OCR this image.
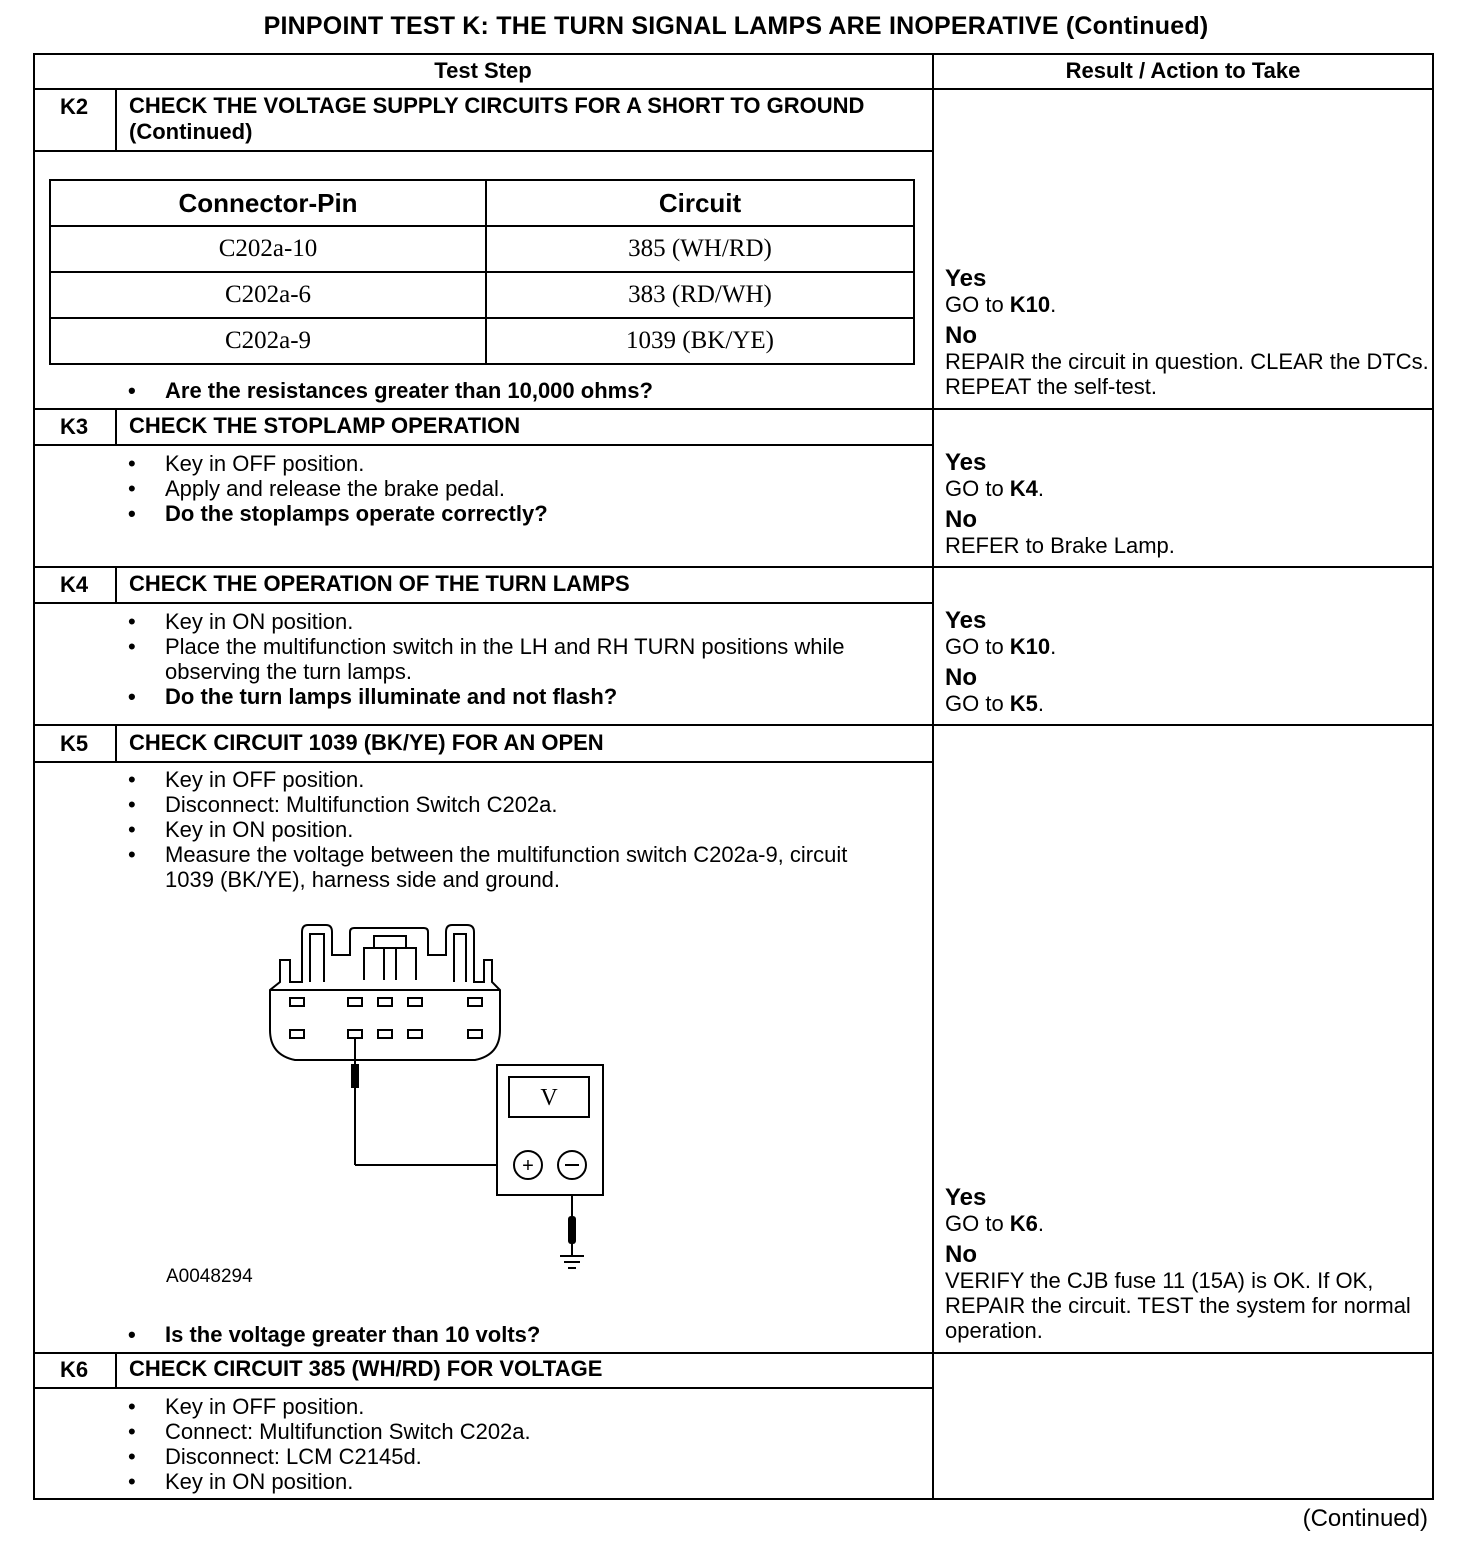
PINPOINT TEST K: THE TURN SIGNAL LAMPS ARE INOPERATIVE (Continued)
Test Step	Result / Action to Take
K2	CHECK THE VOLTAGE SUPPLY CIRCUITS FOR A SHORT TO GROUND (Continued)
Connector-Pin	Circuit
C202a-10	385 (WH/RD)
C202a-6	383 (RD/WH)
C202a-9	1039 (BK/YE)
• Are the resistances greater than 10,000 ohms?
Yes
GO to K10.
No
REPAIR the circuit in question. CLEAR the DTCs. REPEAT the self-test.
K3	CHECK THE STOPLAMP OPERATION
• Key in OFF position.
• Apply and release the brake pedal.
• Do the stoplamps operate correctly?
Yes
GO to K4.
No
REFER to Brake Lamp.
K4	CHECK THE OPERATION OF THE TURN LAMPS
• Key in ON position.
• Place the multifunction switch in the LH and RH TURN positions while observing the turn lamps.
• Do the turn lamps illuminate and not flash?
Yes
GO to K10.
No
GO to K5.
K5	CHECK CIRCUIT 1039 (BK/YE) FOR AN OPEN
• Key in OFF position.
• Disconnect: Multifunction Switch C202a.
• Key in ON position.
• Measure the voltage between the multifunction switch C202a-9, circuit 1039 (BK/YE), harness side and ground.
V
+
A0048294
• Is the voltage greater than 10 volts?
Yes
GO to K6.
No
VERIFY the CJB fuse 11 (15A) is OK. If OK, REPAIR the circuit. TEST the system for normal operation.
K6	CHECK CIRCUIT 385 (WH/RD) FOR VOLTAGE
• Key in OFF position.
• Connect: Multifunction Switch C202a.
• Disconnect: LCM C2145d.
• Key in ON position.
(Continued)
